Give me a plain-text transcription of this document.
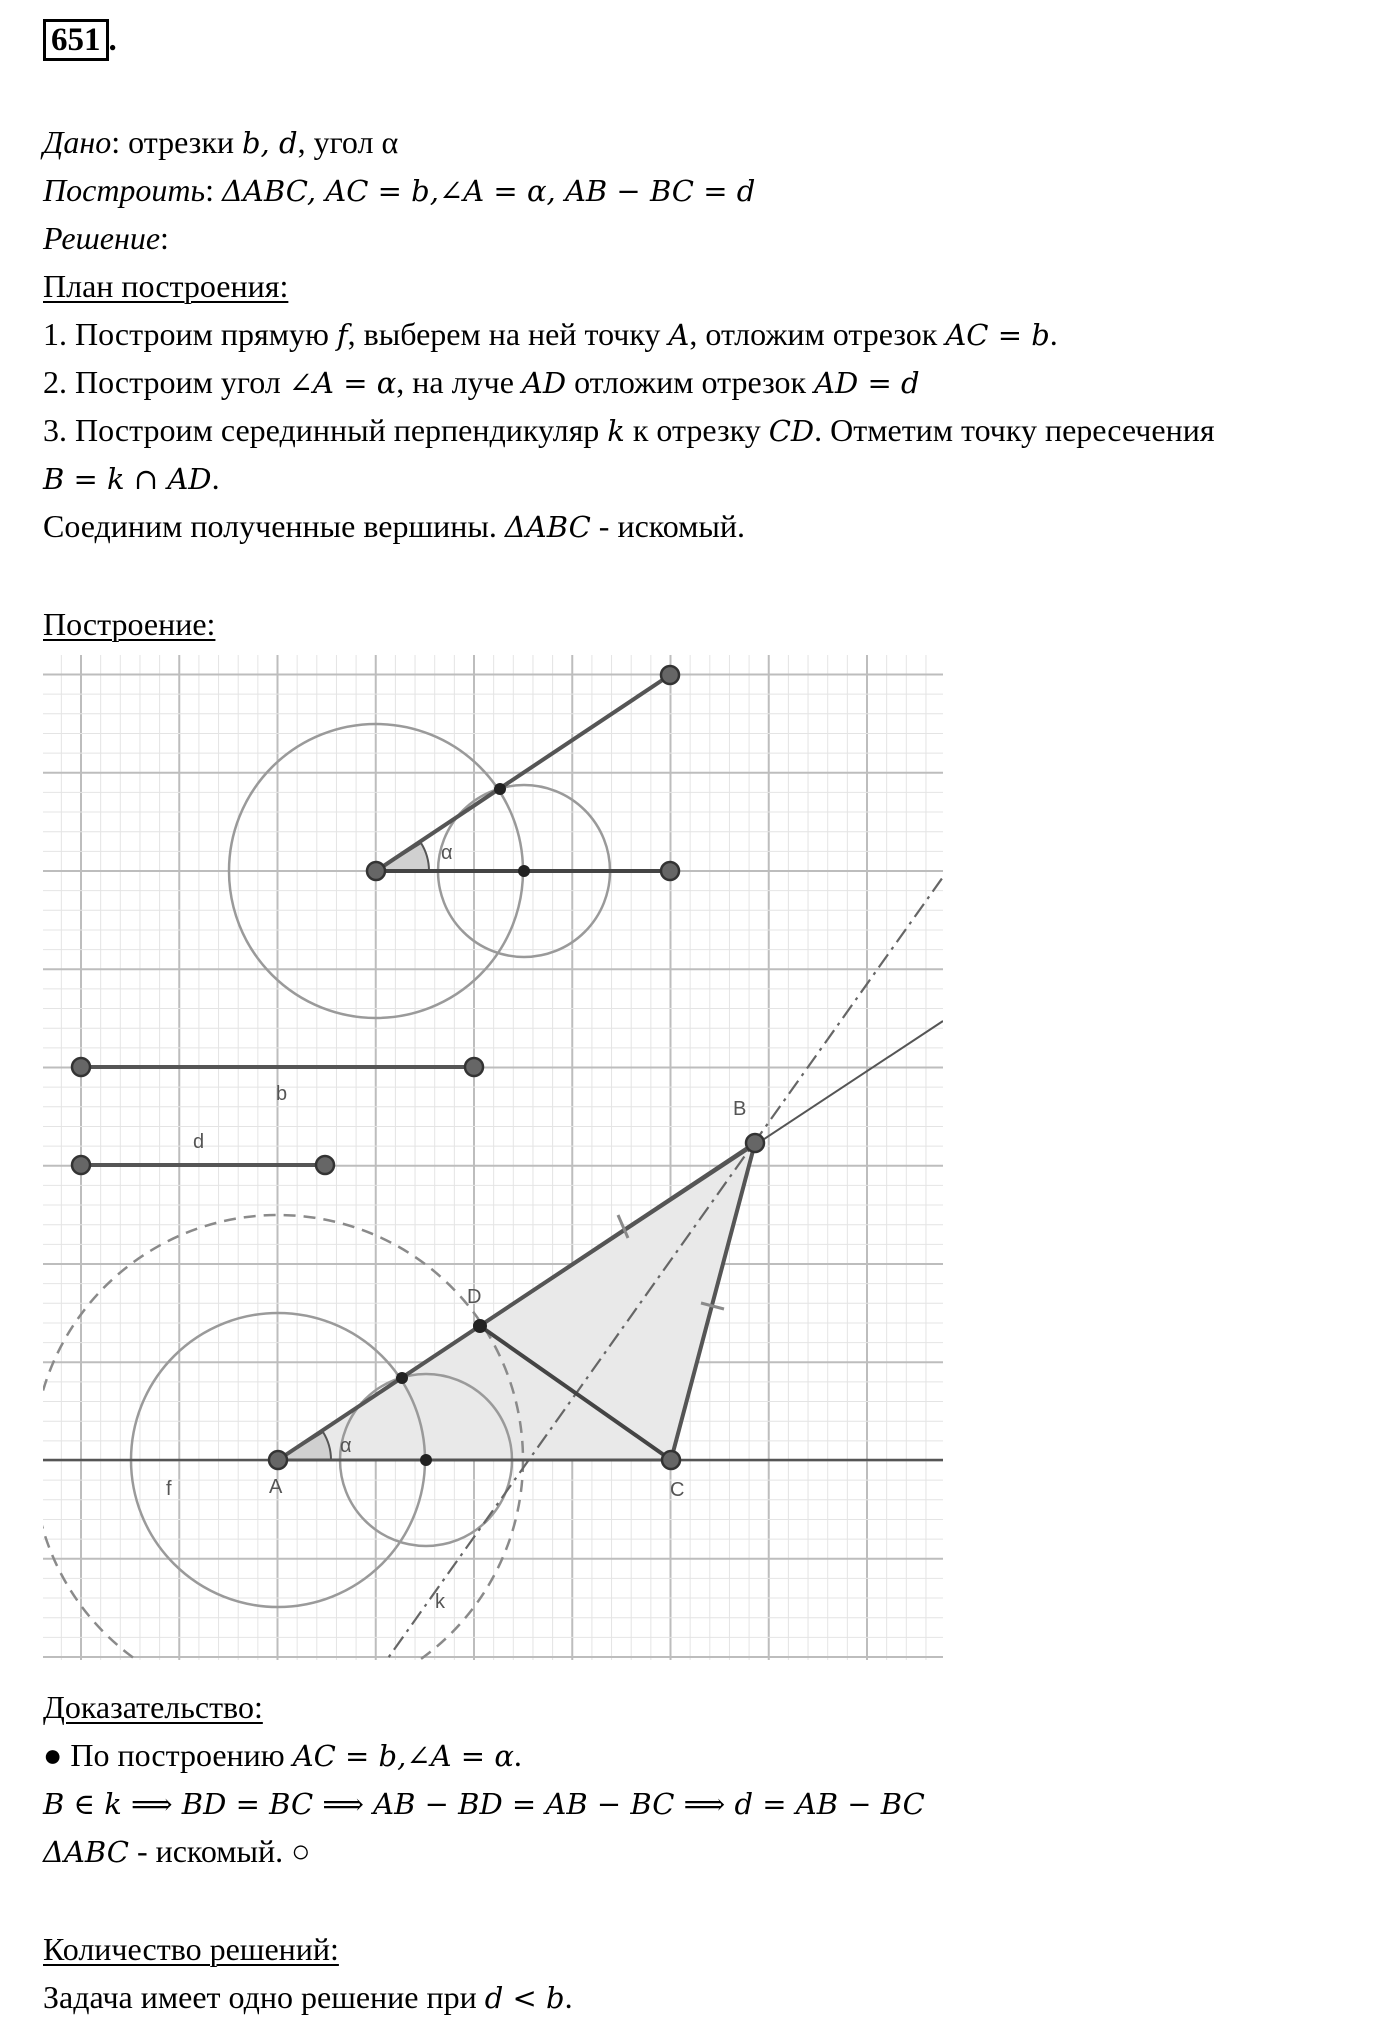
651 .
Дано: отрезки b, d, угол α
Построить: ΔABC, AC = b,∠A = α, AB − BC = d
Решение:
План построения:
1. Построим прямую f, выберем на ней точку A, отложим отрезок AC = b.
2. Построим угол ∠A = α, на луче AD отложим отрезок AD = d
3. Построим серединный перпендикуляр k к отрезку CD. Отметим точку пересечения
B = k ∩ AD.
Соединим полученные вершины. ΔABC - искомый.
Построение:
α
b
d
B
D
α
f	A	C
k
Доказательство:
● По построению AC = b,∠A = α.
B ∈ k ⟹ BD = BC ⟹ AB − BD = AB − BC ⟹ d = AB − BC
ΔABC - искомый. ○
Количество решений:
Задача имеет одно решение при d < b.
